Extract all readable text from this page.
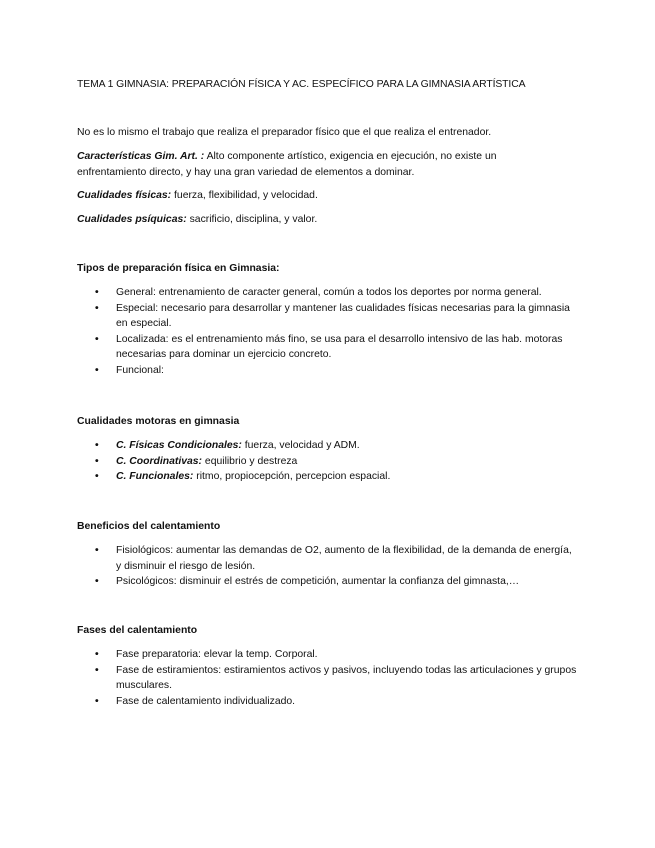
TEMA 1 GIMNASIA: PREPARACIÓN FÍSICA Y AC. ESPECÍFICO PARA LA GIMNASIA ARTÍSTICA
No es lo mismo el trabajo que realiza el preparador físico que el que realiza el entrenador.
Características Gim. Art. : Alto componente artístico, exigencia en ejecución, no existe un enfrentamiento directo, y hay una gran variedad de elementos a dominar.
Cualidades físicas: fuerza, flexibilidad, y velocidad.
Cualidades psíquicas: sacrificio, disciplina, y valor.
Tipos de preparación física en Gimnasia:
• General: entrenamiento de caracter general, común a todos los deportes por norma general.
• Especial: necesario para desarrollar y mantener las cualidades físicas necesarias para la gimnasia en especial.
• Localizada: es el entrenamiento más fino, se usa para el desarrollo intensivo de las hab. motoras necesarias para dominar un ejercicio concreto.
• Funcional:
Cualidades motoras en gimnasia
• C. Físicas Condicionales: fuerza, velocidad y ADM.
• C. Coordinativas: equilibrio y destreza
• C. Funcionales: ritmo, propiocepción, percepcion espacial.
Beneficios del calentamiento
• Fisiológicos: aumentar las demandas de O2, aumento de la flexibilidad, de la demanda de energía, y disminuir el riesgo de lesión.
• Psicológicos: disminuir el estrés de competición, aumentar la confianza del gimnasta,…
Fases del calentamiento
• Fase preparatoria: elevar la temp. Corporal.
• Fase de estiramientos: estiramientos activos y pasivos, incluyendo todas las articulaciones y grupos musculares.
• Fase de calentamiento individualizado.
